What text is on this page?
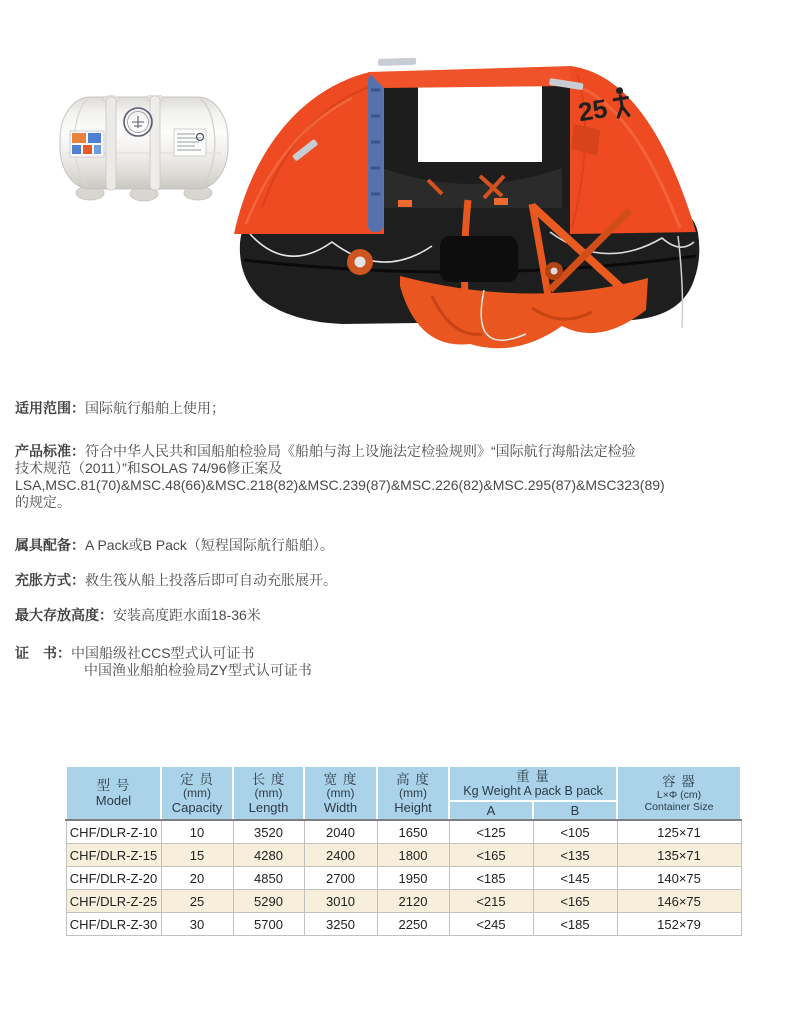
25
适用范围：国际航行船舶上使用；
产品标准：符合中华人民共和国船舶检验局《船舶与海上设施法定检验规则》“国际航行海船法定检验
技术规范（2011）”和SOLAS 74/96修正案及
LSA,MSC.81(70)&MSC.48(66)&MSC.218(82)&MSC.239(87)&MSC.226(82)&MSC.295(87)&MSC323(89)
的规定。
属具配备：A Pack或B Pack（短程国际航行船舶）。
充胀方式：救生筏从船上投落后即可自动充胀展开。
最大存放高度：安装高度距水面18-36米
证　书：中国船级社CCS型式认可证书
中国渔业船舶检验局ZY型式认可证书
型 号
Model

定 员
(mm)
Capacity

长 度
(mm)
Length

宽 度
(mm)
Width

高 度
(mm)
Height

重 量
Kg Weight A pack B pack

容 器
L×Φ (cm)
Container Size

					A	B	
CHF/DLR-Z-10	10	3520	2040	1650	<125	<105	125×71
CHF/DLR-Z-15	15	4280	2400	1800	<165	<135	135×71
CHF/DLR-Z-20	20	4850	2700	1950	<185	<145	140×75
CHF/DLR-Z-25	25	5290	3010	2120	<215	<165	146×75
CHF/DLR-Z-30	30	5700	3250	2250	<245	<185	152×79
